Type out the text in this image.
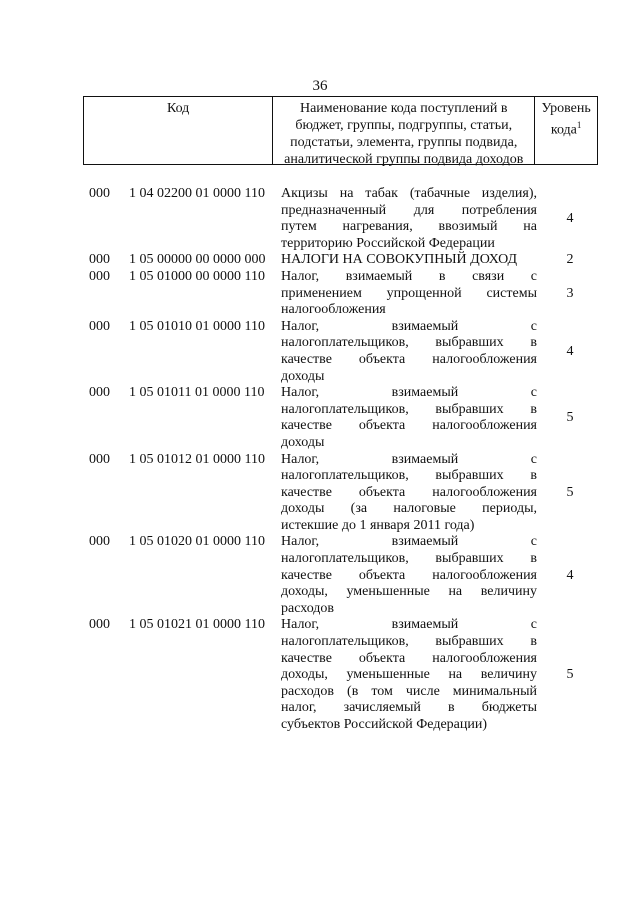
36
Код	Наименование кода поступлений в бюджет, группы, подгруппы, статьи, подстатьи, элемента, группы подвида, аналитической группы подвида доходов
Уровень кода$^1$
000	1 04 02200 01 0000 110	Акцизы на табак (табачные изделия),
предназначенный для потребления
путем нагревания, ввозимый на
территорию Российской Федерации
4
000	1 05 00000 00 0000 000	НАЛОГИ НА СОВОКУПНЫЙ ДОХОД	2
000	1 05 01000 00 0000 110	Налог, взимаемый в связи с
применением упрощенной системы
налогообложения
3
000	1 05 01010 01 0000 110	Налог, взимаемый с
налогоплательщиков, выбравших в
качестве объекта налогообложения
доходы
4
000	1 05 01011 01 0000 110	Налог, взимаемый с
налогоплательщиков, выбравших в
качестве объекта налогообложения
доходы
5
000	1 05 01012 01 0000 110	Налог, взимаемый с
налогоплательщиков, выбравших в
качестве объекта налогообложения
доходы (за налоговые периоды,
истекшие до 1 января 2011 года)
5
000	1 05 01020 01 0000 110	Налог, взимаемый с
налогоплательщиков, выбравших в
качестве объекта налогообложения
доходы, уменьшенные на величину
расходов
4
000	1 05 01021 01 0000 110	Налог, взимаемый с
налогоплательщиков, выбравших в
качестве объекта налогообложения
доходы, уменьшенные на величину
расходов (в том числе минимальный
налог, зачисляемый в бюджеты
субъектов Российской Федерации)
5
